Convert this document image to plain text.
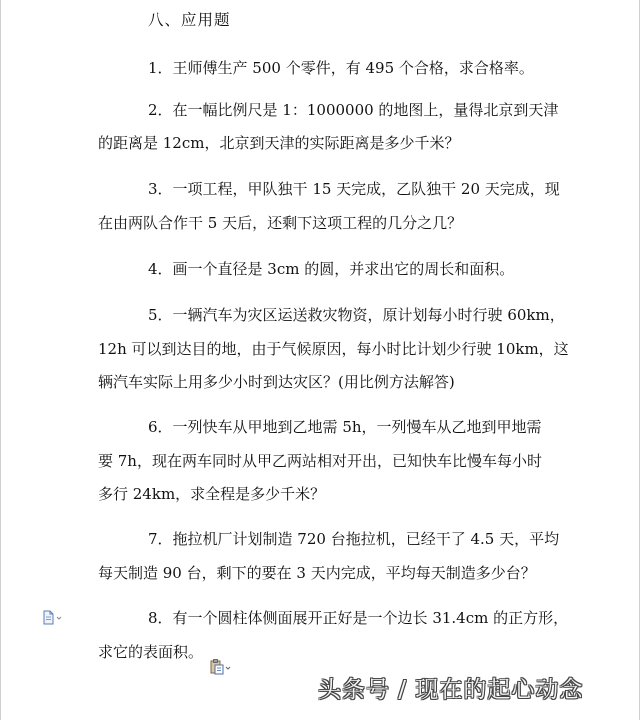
八、应用题
1．王师傅生产 500 个零件，有 495 个合格，求合格率。
2．在一幅比例尺是 1：1000000 的地图上，量得北京到天津
的距离是 12cm，北京到天津的实际距离是多少千米？
3．一项工程，甲队独干 15 天完成，乙队独干 20 天完成，现
在由两队合作干 5 天后，还剩下这项工程的几分之几？
4．画一个直径是 3cm 的圆，并求出它的周长和面积。
5．一辆汽车为灾区运送救灾物资，原计划每小时行驶 60km，
12h 可以到达目的地，由于气候原因，每小时比计划少行驶 10km，这
辆汽车实际上用多少小时到达灾区？(用比例方法解答)
6．一列快车从甲地到乙地需 5h，一列慢车从乙地到甲地需
要 7h，现在两车同时从甲乙两站相对开出，已知快车比慢车每小时
多行 24km，求全程是多少千米？
7．拖拉机厂计划制造 720 台拖拉机，已经干了 4.5 天，平均
每天制造 90 台，剩下的要在 3 天内完成，平均每天制造多少台？
8．有一个圆柱体侧面展开正好是一个边长 31.4cm 的正方形，
求它的表面积。
头条号 / 现在的起心动念
